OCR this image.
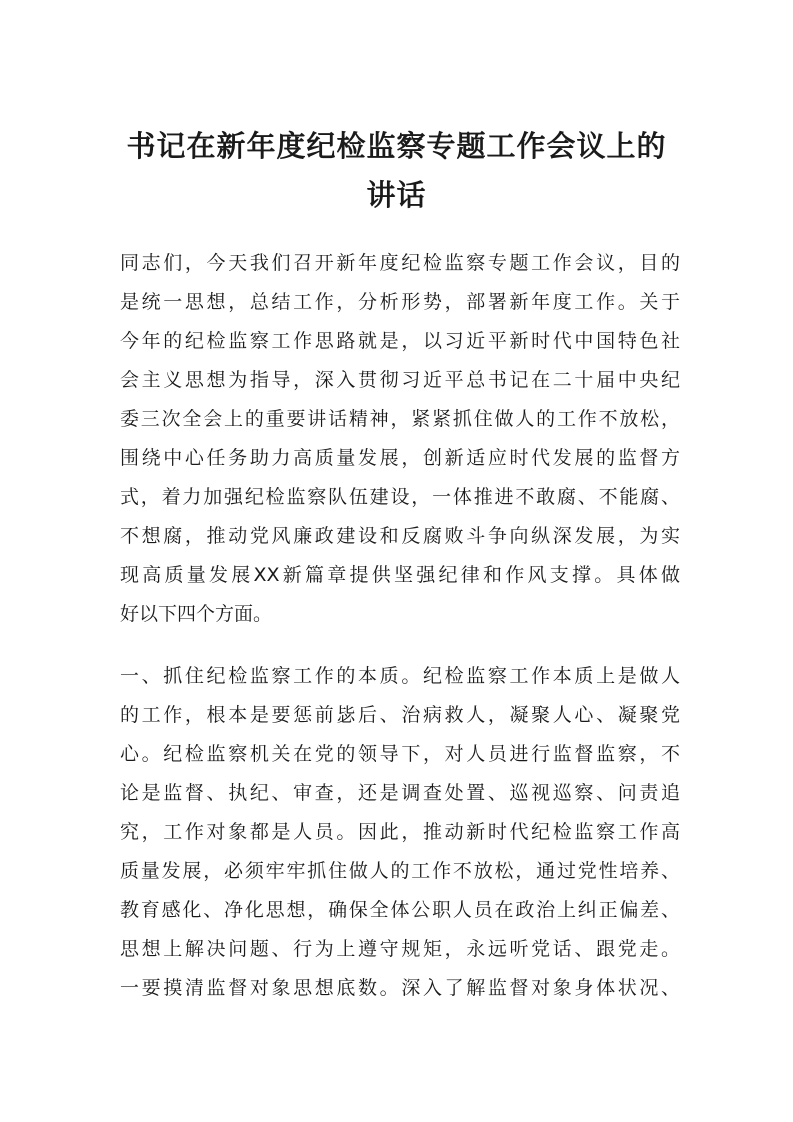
书记在新年度纪检监察专题工作会议上的
讲话
同志们，今天我们召开新年度纪检监察专题工作会议，目的
是统一思想，总结工作，分析形势，部署新年度工作。关于
今年的纪检监察工作思路就是，以习近平新时代中国特色社
会主义思想为指导，深入贯彻习近平总书记在二十届中央纪
委三次全会上的重要讲话精神，紧紧抓住做人的工作不放松，
围绕中心任务助力高质量发展，创新适应时代发展的监督方
式，着力加强纪检监察队伍建设，一体推进不敢腐、不能腐、
不想腐，推动党风廉政建设和反腐败斗争向纵深发展，为实
现高质量发展XX新篇章提供坚强纪律和作风支撑。具体做
好以下四个方面。
一、抓住纪检监察工作的本质。纪检监察工作本质上是做人
的工作，根本是要惩前毖后、治病救人，凝聚人心、凝聚党
心。纪检监察机关在党的领导下，对人员进行监督监察，不
论是监督、执纪、审查，还是调查处置、巡视巡察、问责追
究，工作对象都是人员。因此，推动新时代纪检监察工作高
质量发展，必须牢牢抓住做人的工作不放松，通过党性培养、
教育感化、净化思想，确保全体公职人员在政治上纠正偏差、
思想上解决问题、行为上遵守规矩，永远听党话、跟党走。
一要摸清监督对象思想底数。深入了解监督对象身体状况、
